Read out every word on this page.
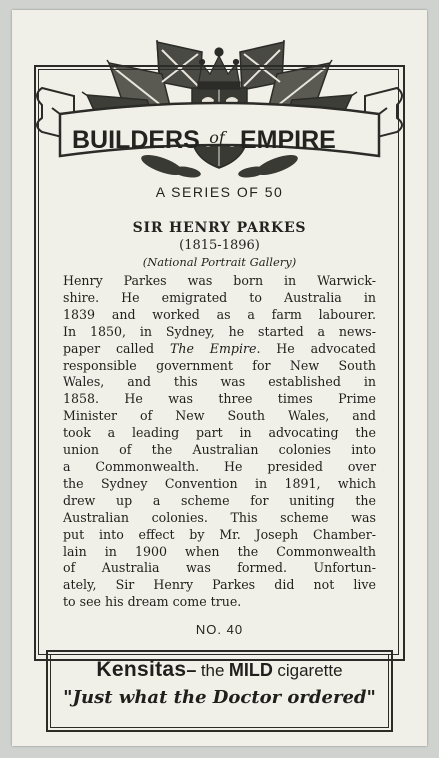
BUILDERS of EMPIRE
A SERIES OF 50
SIR HENRY PARKES
(1815-1896)
(National Portrait Gallery)
Henry Parkes was born in Warwick-
shire. He emigrated to Australia in
1839 and worked as a farm labourer.
In 1850, in Sydney, he started a news-
paper called The Empire. He advocated
responsible government for New South
Wales, and this was established in
1858. He was three times Prime
Minister of New South Wales, and
took a leading part in advocating the
union of the Australian colonies into
a Commonwealth. He presided over
the Sydney Convention in 1891, which
drew up a scheme for uniting the
Australian colonies. This scheme was
put into effect by Mr. Joseph Chamber-
lain in 1900 when the Commonwealth
of Australia was formed. Unfortun-
ately, Sir Henry Parkes did not live
to see his dream come true.
NO. 40
Kensitas– the MILD cigarette
"Just what the Doctor ordered"
